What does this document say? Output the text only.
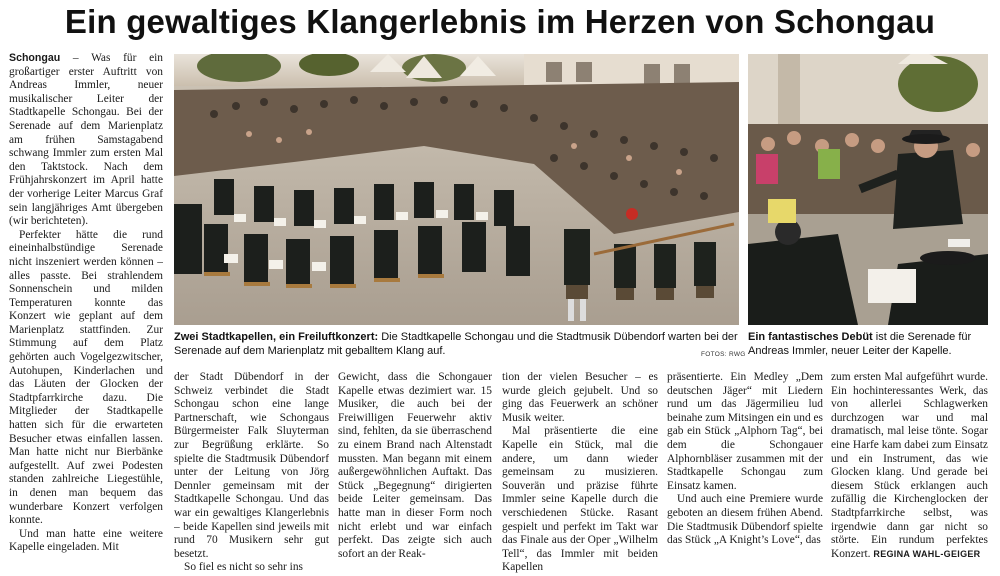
Ein gewaltiges Klangerlebnis im Herzen von Schongau

Schongau – Was für ein großartiger erster Auftritt von Andreas Immler, neuer musikalischer Leiter der Stadtkapelle Schongau. Bei der Serenade auf dem Marienplatz am frühen Samstagabend schwang Immler zum ersten Mal den Taktstock. Nach dem Frühjahrskonzert im April hatte der vorherige Leiter Marcus Graf sein langjähriges Amt übergeben (wir berichteten).

Perfekter hätte die rund eineinhalbstündige Serenade nicht inszeniert werden können – alles passte. Bei strahlendem Sonnenschein und milden Temperaturen konnte das Konzert wie geplant auf dem Marienplatz stattfinden. Zur Stimmung auf dem Platz gehörten auch Vogelgezwitscher, Autohupen, Kinderlachen und das Läuten der Glocken der Stadtpfarrkirche dazu. Die Mitglieder der Stadtkapelle hatten sich für die erwarteten Besucher etwas einfallen lassen. Man hatte nicht nur Bierbänke aufgestellt. Auf zwei Podesten standen zahlreiche Liegestühle, in denen man bequem das wunderbare Konzert verfolgen konnte.

Und man hatte eine weitere Kapelle eingeladen. Mit

Zwei Stadtkapellen, ein Freiluftkonzert: Die Stadtkapelle Schongau und die Stadtmusik Dübendorf warten bei der Serenade auf dem Marienplatz mit geballtem Klang auf.	FOTOS: RWG
Ein fantastisches Debüt ist die Serenade für Andreas Immler, neuer Leiter der Kapelle.

der Stadt Dübendorf in der Schweiz verbindet die Stadt Schongau schon eine lange Partnerschaft, wie Schongaus Bürgermeister Falk Sluyterman zur Begrüßung erklärte. So spielte die Stadtmusik Dübendorf unter der Leitung von Jörg Dennler gemeinsam mit der Stadtkapelle Schongau. Und das war ein gewaltiges Klangerlebnis – beide Kapellen sind jeweils mit rund 70 Musikern sehr gut besetzt.

So fiel es nicht so sehr ins

Gewicht, dass die Schongauer Kapelle etwas dezimiert war. 15 Musiker, die auch bei der Freiwilligen Feuerwehr aktiv sind, fehlten, da sie überraschend zu einem Brand nach Altenstadt mussten. Man begann mit einem außergewöhnlichen Auftakt. Das Stück „Begegnung“ dirigierten beide Leiter gemeinsam. Das hatte man in dieser Form noch nicht erlebt und war einfach perfekt. Das zeigte sich auch sofort an der Reak-

tion der vielen Besucher – es wurde gleich gejubelt. Und so ging das Feuerwerk an schöner Musik weiter.

Mal präsentierte die eine Kapelle ein Stück, mal die andere, um dann wieder gemeinsam zu musizieren. Souverän und präzise führte Immler seine Kapelle durch die verschiedenen Stücke. Rasant gespielt und perfekt im Takt war das Finale aus der Oper „Wilhelm Tell“, das Immler mit beiden Kapellen

präsentierte. Ein Medley „Dem deutschen Jäger“ mit Liedern rund um das Jägermilieu lud beinahe zum Mitsingen ein und es gab ein Stück „Alphorn Tag“, bei dem die Schongauer Alphornbläser zusammen mit der Stadtkapelle Schongau zum Einsatz kamen.

Und auch eine Premiere wurde geboten an diesem frühen Abend. Die Stadtmusik Dübendorf spielte das Stück „A Knight’s Love“, das

zum ersten Mal aufgeführt wurde. Ein hochinteressantes Werk, das von allerlei Schlagwerken durchzogen war und mal dramatisch, mal leise tönte. Sogar eine Harfe kam dabei zum Einsatz und ein Instrument, das wie Glocken klang. Und gerade bei diesem Stück erklangen auch zufällig die Kirchenglocken der Stadtpfarrkirche selbst, was irgendwie dann gar nicht so störte. Ein rundum perfektes Konzert. REGINA WAHL-GEIGER
